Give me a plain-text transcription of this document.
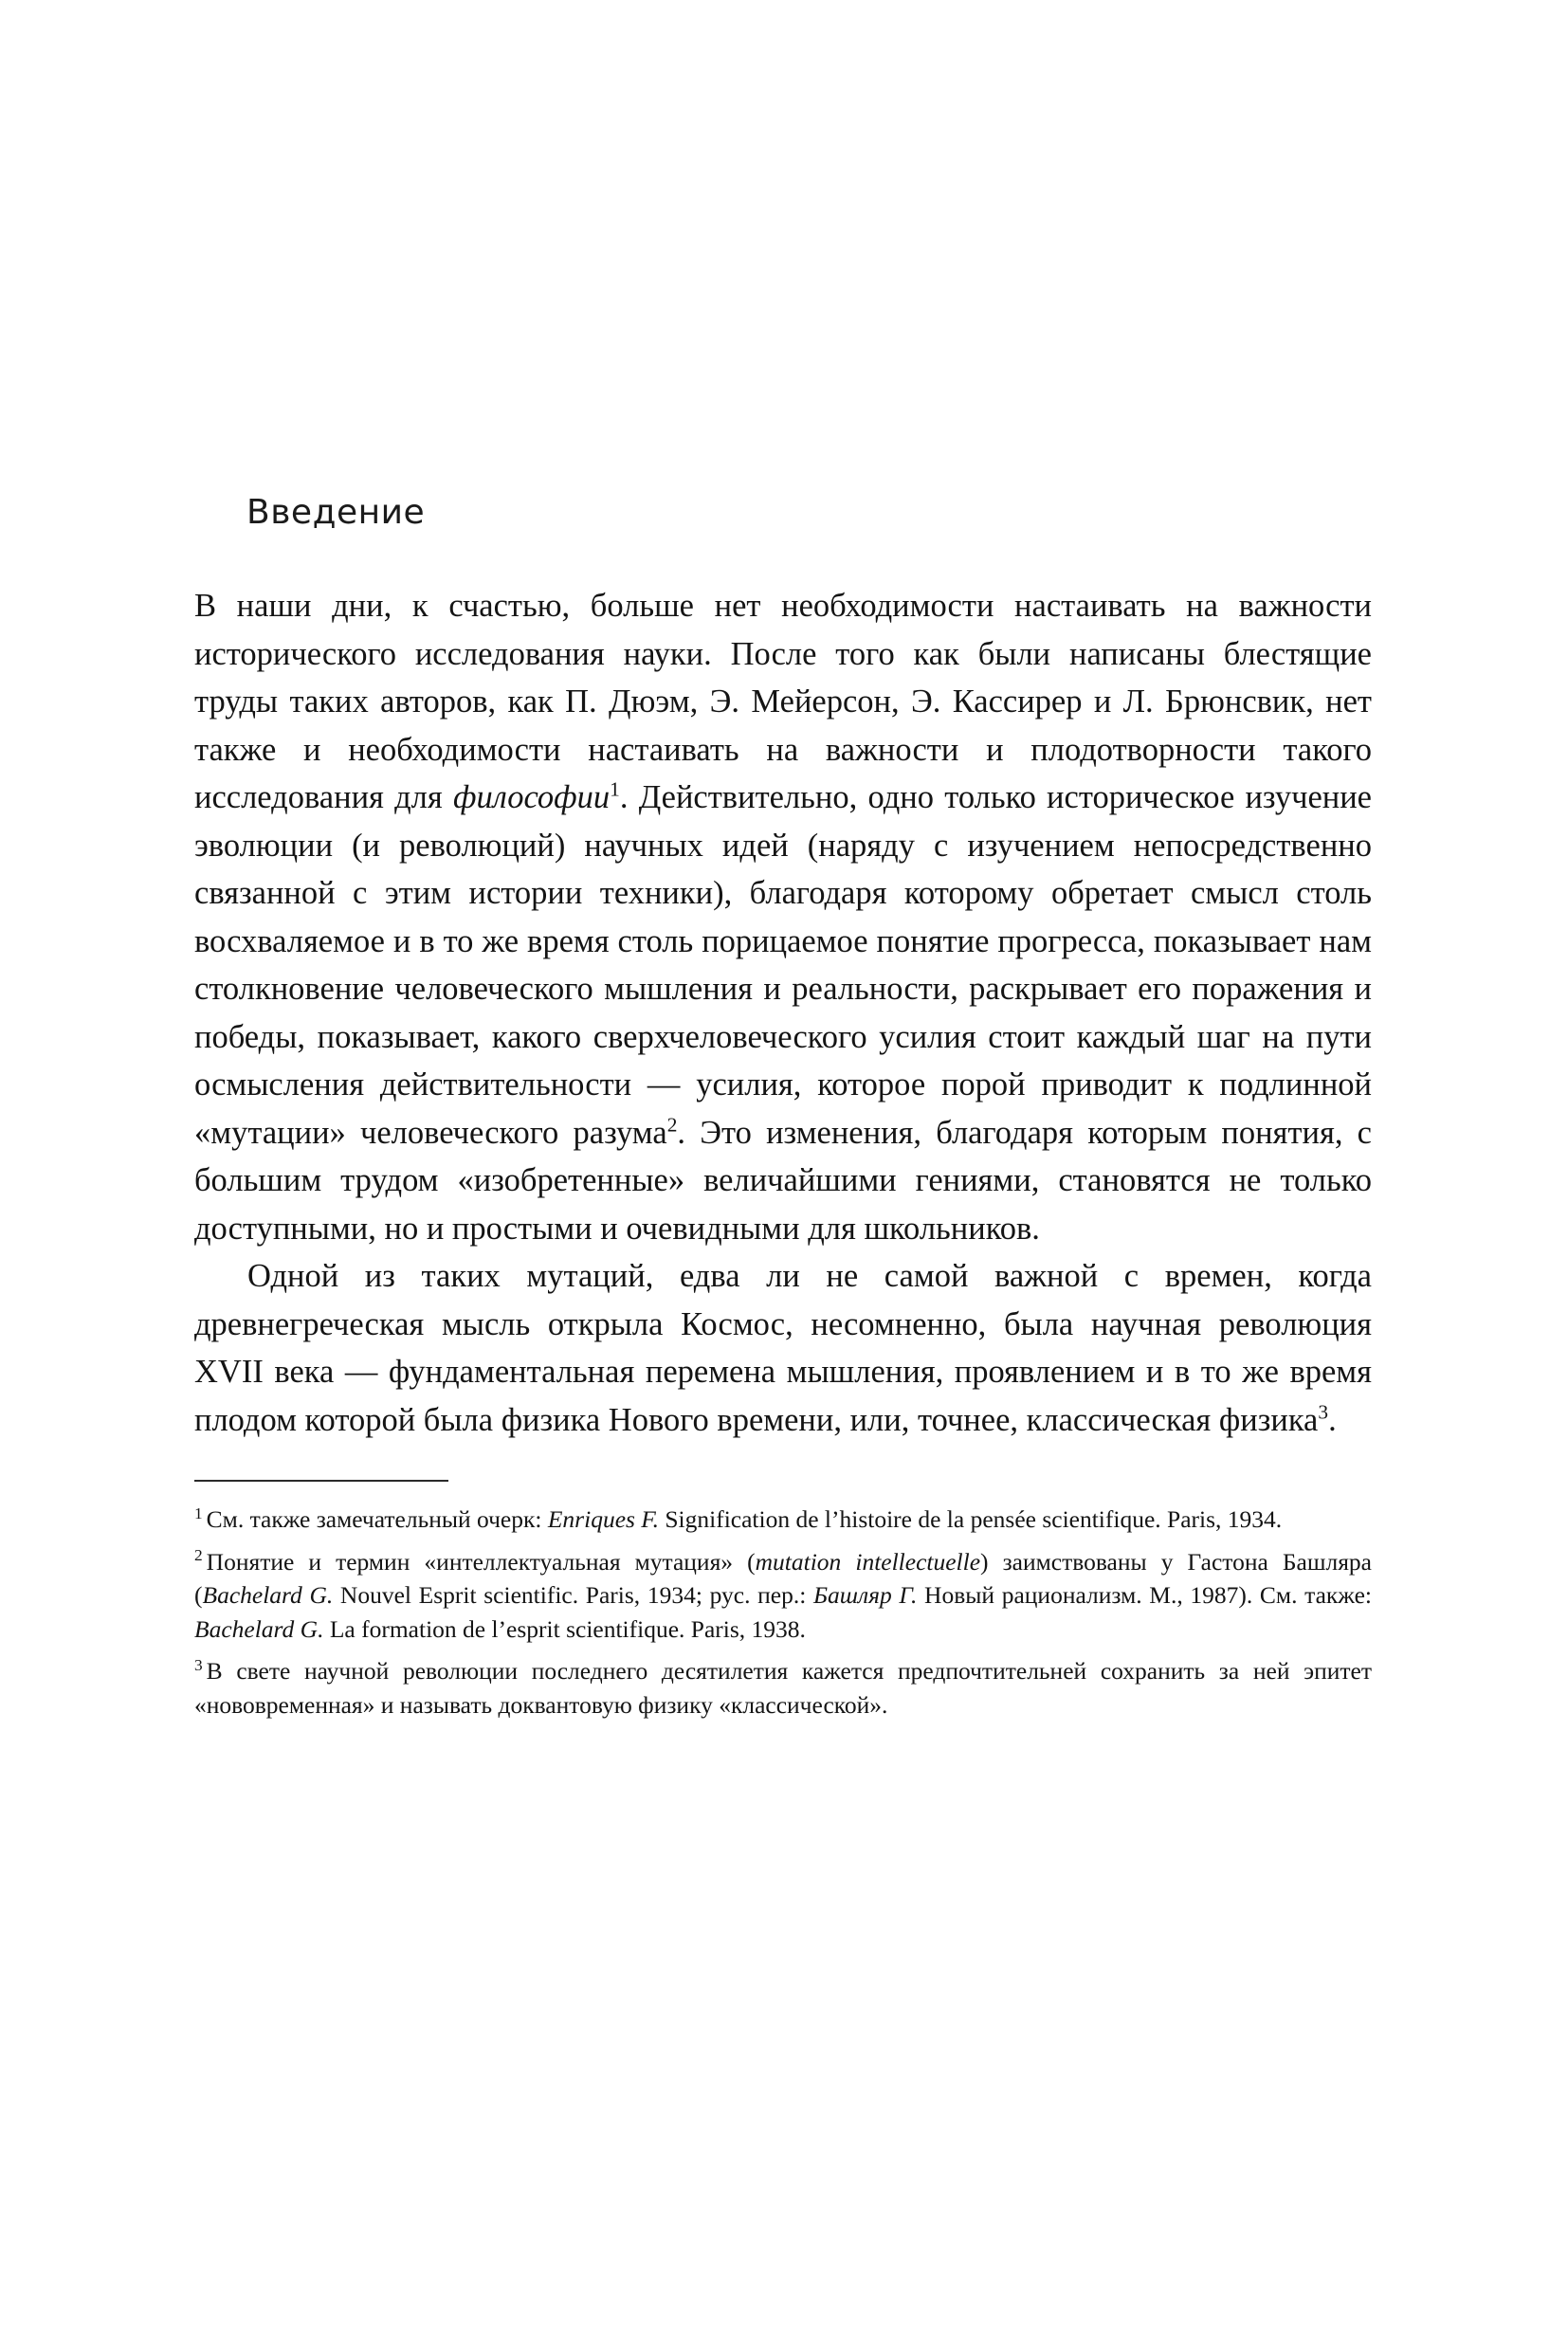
Введение

В наши дни, к счастью, больше нет необходимости настаивать на важности исторического исследования науки. После того как были написаны блестящие труды таких авторов, как П. Дюэм, Э. Мейерсон, Э. Кассирер и Л. Брюнсвик, нет также и необходимости настаивать на важности и плодотворности такого исследования для философии$^1$. Действительно, одно только историческое изучение эволюции (и революций) научных идей (наряду с изучением непосредственно связанной с этим истории техники), благодаря которому обретает смысл столь восхваляемое и в то же время столь порицаемое понятие прогресса, показывает нам столкновение человеческого мышления и реальности, раскрывает его поражения и победы, показывает, какого сверхчеловеческого усилия стоит каждый шаг на пути осмысления действительности — усилия, которое порой приводит к подлинной «мутации» человеческого разума$^2$. Это изменения, благодаря которым понятия, с большим трудом «изобретенные» величайшими гениями, становятся не только доступными, но и простыми и очевидными для школьников.

Одной из таких мутаций, едва ли не самой важной с времен, когда древнегреческая мысль открыла Космос, несомненно, была научная революция XVII века — фундаментальная перемена мышления, проявлением и в то же время плодом которой была физика Нового времени, или, точнее, классическая физика$^3$.

$^1$ См. также замечательный очерк: Enriques F. Signification de l’histoire de la pensée scientifique. Paris, 1934.

$^2$ Понятие и термин «интеллектуальная мутация» (mutation intellectuelle) заимствованы у Гастона Башляра (Bachelard G. Nouvel Esprit scientific. Paris, 1934; рус. пер.: Башляр Г. Новый рационализм. М., 1987). См. также: Bachelard G. La formation de l’esprit scientifique. Paris, 1938.

$^3$ В свете научной революции последнего десятилетия кажется предпочтительней сохранить за ней эпитет «нововременная» и называть доквантовую физику «классической».
